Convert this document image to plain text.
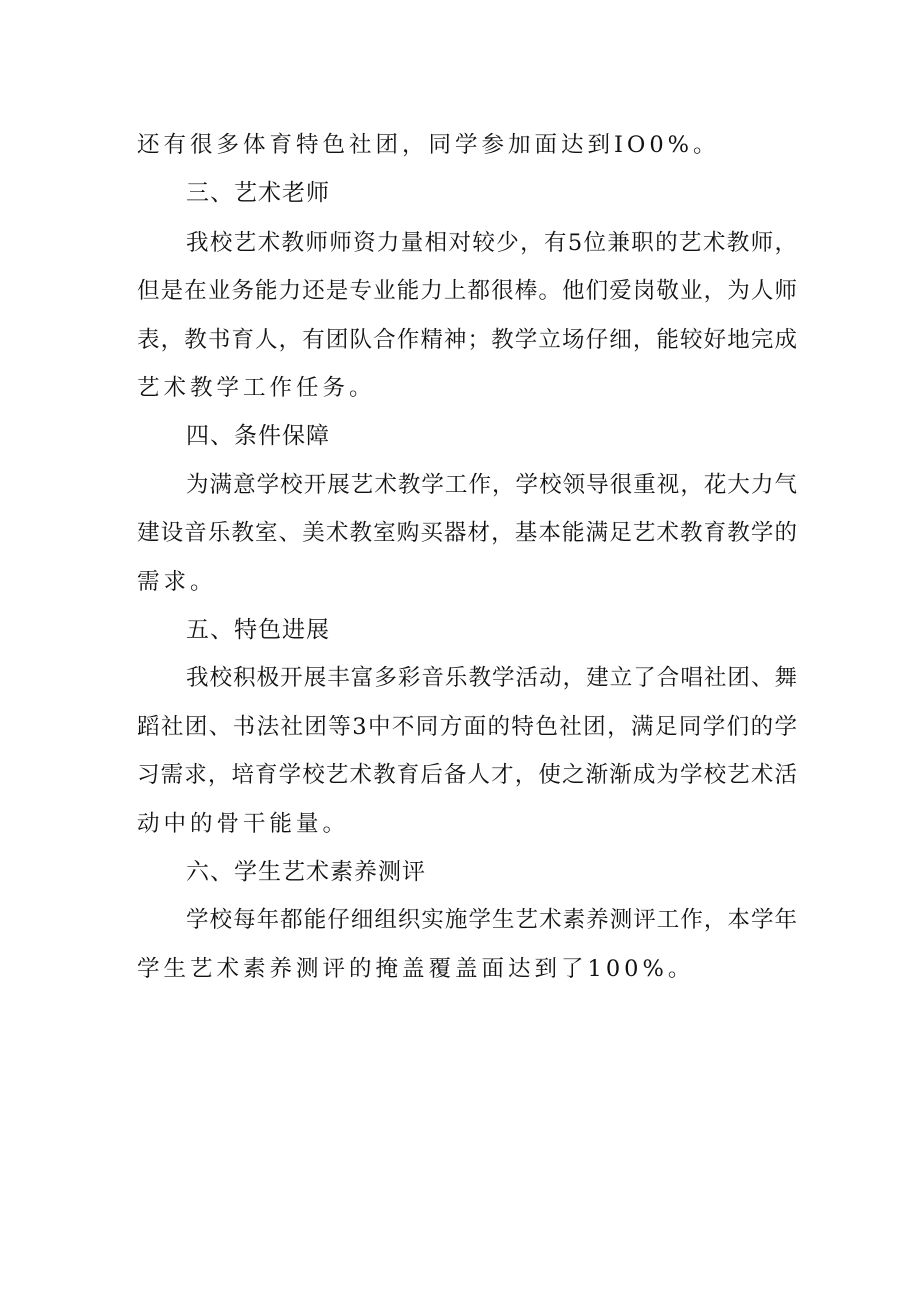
还有很多体育特色社团，同学参加面达到IO0%。
三、艺术老师
我校艺术教师师资力量相对较少，有5位兼职的艺术教师，
但是在业务能力还是专业能力上都很棒。他们爱岗敬业，为人师
表，教书育人，有团队合作精神；教学立场仔细，能较好地完成
艺术教学工作任务。
四、条件保障
为满意学校开展艺术教学工作，学校领导很重视，花大力气
建设音乐教室、美术教室购买器材，基本能满足艺术教育教学的
需求。
五、特色进展
我校积极开展丰富多彩音乐教学活动，建立了合唱社团、舞
蹈社团、书法社团等3中不同方面的特色社团，满足同学们的学
习需求，培育学校艺术教育后备人才，使之渐渐成为学校艺术活
动中的骨干能量。
六、学生艺术素养测评
学校每年都能仔细组织实施学生艺术素养测评工作，本学年
学生艺术素养测评的掩盖覆盖面达到了100%。
